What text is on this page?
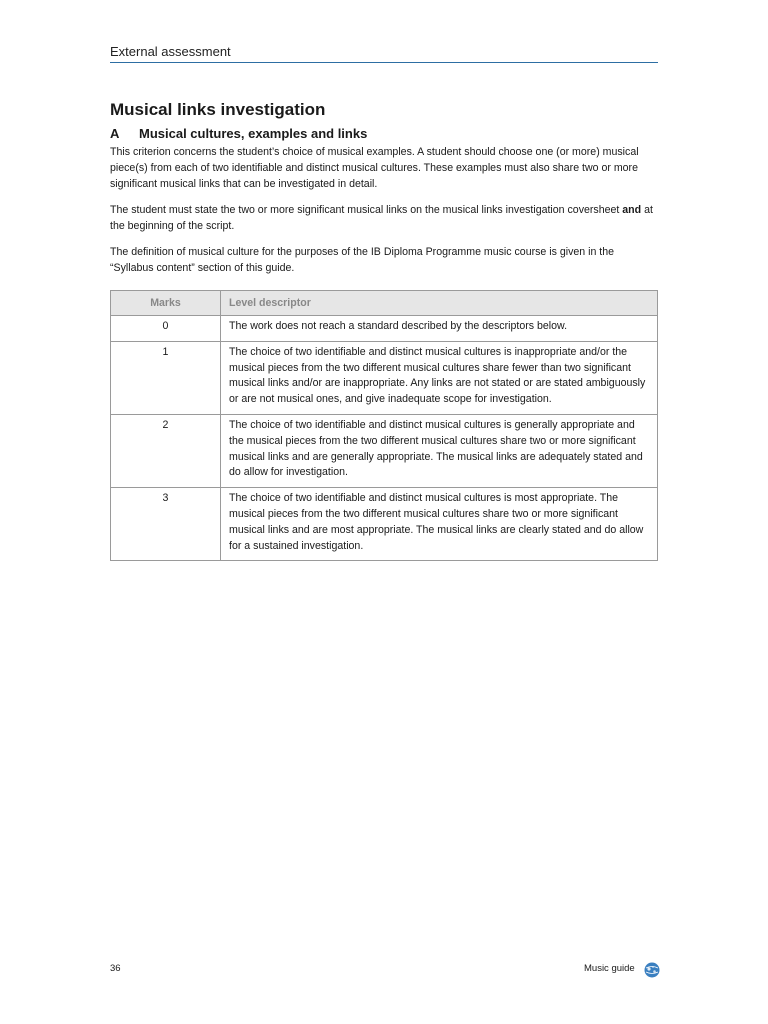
External assessment
Musical links investigation
A	Musical cultures, examples and links

This criterion concerns the student’s choice of musical examples. A student should choose one (or more) musical piece(s) from each of two identifiable and distinct musical cultures. These examples must also share two or more significant musical links that can be investigated in detail.

The student must state the two or more significant musical links on the musical links investigation coversheet and at the beginning of the script.

The definition of musical culture for the purposes of the IB Diploma Programme music course is given in the “Syllabus content” section of this guide.

Marks	Level descriptor
0	The work does not reach a standard described by the descriptors below.
1	The choice of two identifiable and distinct musical cultures is inappropriate and/or the musical pieces from the two different musical cultures share fewer than two significant musical links and/or are inappropriate. Any links are not stated or are stated ambiguously or are not musical ones, and give inadequate scope for investigation.
2	The choice of two identifiable and distinct musical cultures is generally appropriate and the musical pieces from the two different musical cultures share two or more significant musical links and are generally appropriate. The musical links are adequately stated and do allow for investigation.
3	The choice of two identifiable and distinct musical cultures is most appropriate. The musical pieces from the two different musical cultures share two or more significant musical links and are most appropriate. The musical links are clearly stated and do allow for a sustained investigation.
36	Music guide
